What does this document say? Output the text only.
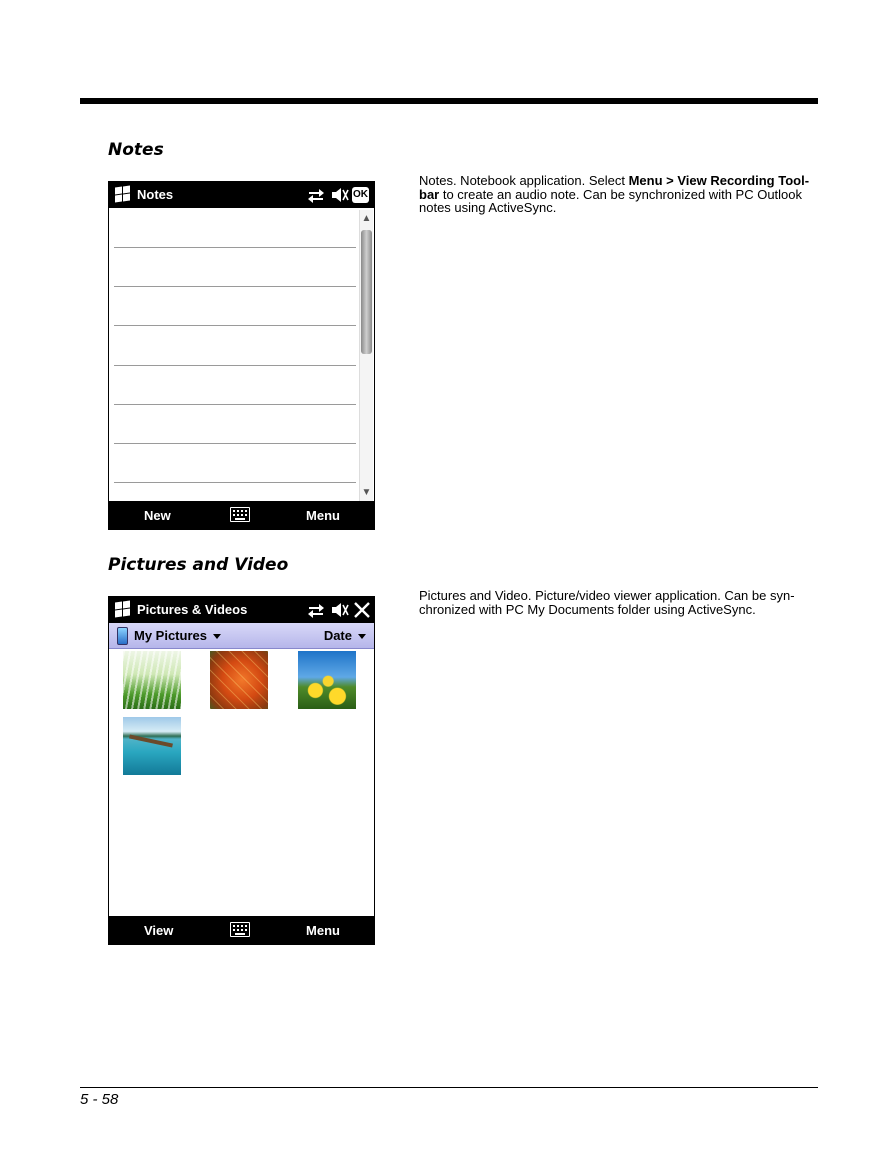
Notes
Notes. Notebook application. Select Menu > View Recording Tool-bar to create an audio note. Can be synchronized with PC Outlook notes using ActiveSync.
Notes	OK
▲
▼
New	Menu
Pictures and Video
Pictures and Video. Picture/video viewer application. Can be syn-chronized with PC My Documents folder using ActiveSync.
Pictures & Videos
My Pictures	Date
View	Menu
5 - 58
